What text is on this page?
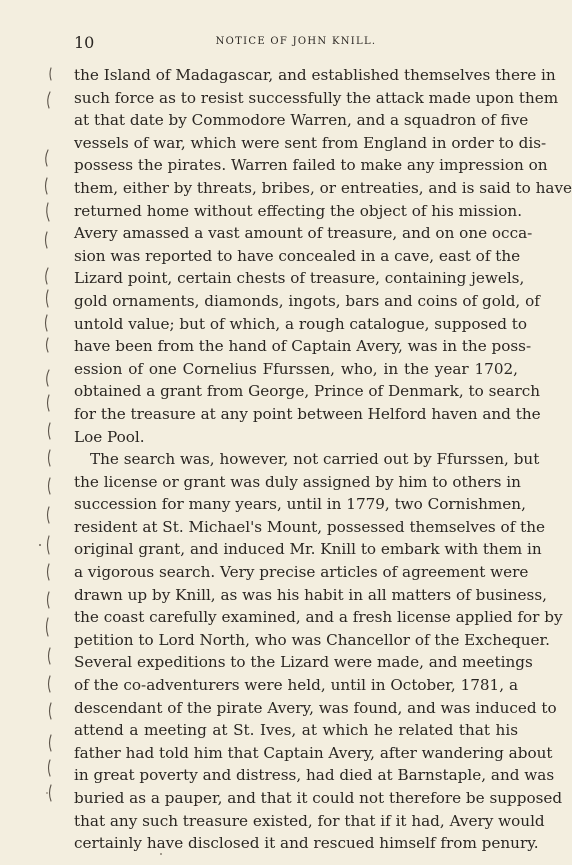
10	NOTICE OF JOHN KNILL.
the Island of Madagascar, and established themselves there in
such force as to resist successfully the attack made upon them
at that date by Commodore Warren, and a squadron of five
vessels of war, which were sent from England in order to dis-
possess the pirates. Warren failed to make any impression on
them, either by threats, bribes, or entreaties, and is said to have
returned home without effecting the object of his mission.
Avery amassed a vast amount of treasure, and on one occa-
sion was reported to have concealed in a cave, east of the
Lizard point, certain chests of treasure, containing jewels,
gold ornaments, diamonds, ingots, bars and coins of gold, of
untold value; but of which, a rough catalogue, supposed to
have been from the hand of Captain Avery, was in the poss-
ession of one Cornelius Ffurssen, who, in the year 1702,
obtained a grant from George, Prince of Denmark, to search
for the treasure at any point between Helford haven and the
Loe Pool.
The search was, however, not carried out by Ffurssen, but
the license or grant was duly assigned by him to others in
succession for many years, until in 1779, two Cornishmen,
resident at St. Michael's Mount, possessed themselves of the
original grant, and induced Mr. Knill to embark with them in
a vigorous search. Very precise articles of agreement were
drawn up by Knill, as was his habit in all matters of business,
the coast carefully examined, and a fresh license applied for by
petition to Lord North, who was Chancellor of the Exchequer.
Several expeditions to the Lizard were made, and meetings
of the co-adventurers were held, until in October, 1781, a
descendant of the pirate Avery, was found, and was induced to
attend a meeting at St. Ives, at which he related that his
father had told him that Captain Avery, after wandering about
in great poverty and distress, had died at Barnstaple, and was
buried as a pauper, and that it could not therefore be supposed
that any such treasure existed, for that if it had, Avery would
certainly have disclosed it and rescued himself from penury.
